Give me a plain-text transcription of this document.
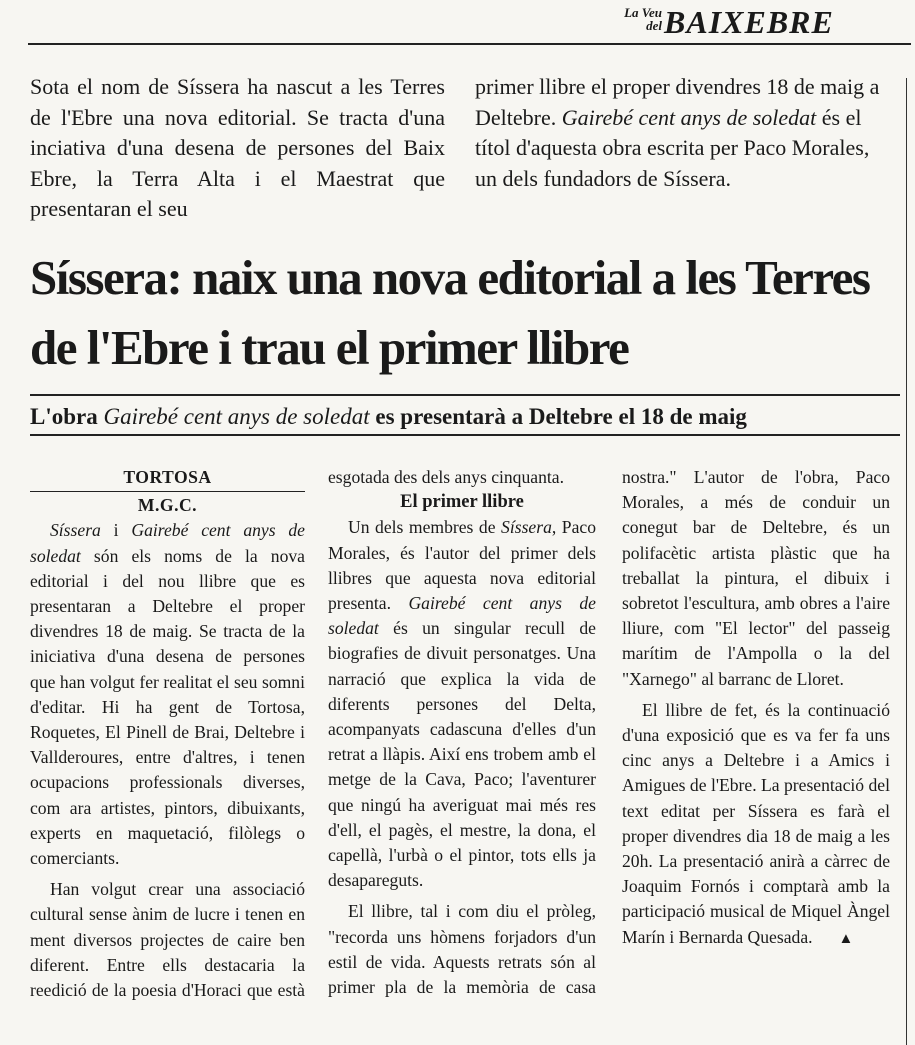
La Veu
del BAIXEBRE
Sota el nom de Síssera ha nascut a les Terres de l'Ebre una nova editorial. Se tracta d'una inciativa d'una desena de persones del Baix Ebre, la Terra Alta i el Maestrat que presentaran el seu
primer llibre el proper divendres 18 de maig a Deltebre. Gairebé cent anys de soledat és el títol d'aquesta obra escrita per Paco Morales, un dels fundadors de Síssera.
Síssera: naix una nova editorial a les Terres de l'Ebre i trau el primer llibre
L'obra Gairebé cent anys de soledat es presentarà a Deltebre el 18 de maig
TORTOSA
M.G.C.

Síssera i Gairebé cent anys de soledat són els noms de la nova editorial i del nou llibre que es presentaran a Deltebre el proper divendres 18 de maig. Se tracta de la iniciativa d'una desena de persones que han volgut fer realitat el seu somni d'editar. Hi ha gent de Tortosa, Roquetes, El Pinell de Brai, Deltebre i Vallderoures, entre d'altres, i tenen ocupacions professionals diverses, com ara artistes, pintors, dibuixants, experts en maquetació, filòlegs o comerciants.

Han volgut crear una associació cultural sense ànim de lucre i tenen en ment diversos projectes de caire ben diferent. Entre ells destacaria la reedició de la poesia d'Horaci que està

esgotada des dels anys cinquanta.

El primer llibre

Un dels membres de Síssera, Paco Morales, és l'autor del primer dels llibres que aquesta nova editorial presenta. Gairebé cent anys de soledat és un singular recull de biografies de divuit personatges. Una narració que explica la vida de diferents persones del Delta, acompanyats cadascuna d'elles d'un retrat a llàpis. Així ens trobem amb el metge de la Cava, Paco; l'aventurer que ningú ha averiguat mai més res d'ell, el pagès, el mestre, la dona, el capellà, l'urbà o el pintor, tots ells ja desapareguts.

El llibre, tal i com diu el pròleg, "recorda uns hòmens forjadors d'un estil de vida. Aquests retrats són al primer pla de la memòria de casa

nostra." L'autor de l'obra, Paco Morales, a més de conduir un conegut bar de Deltebre, és un polifacètic artista plàstic que ha treballat la pintura, el dibuix i sobretot l'escultura, amb obres a l'aire lliure, com "El lector" del passeig marítim de l'Ampolla o la del "Xarnego" al barranc de Lloret.

El llibre de fet, és la continuació d'una exposició que es va fer fa uns cinc anys a Deltebre i a Amics i Amigues de l'Ebre. La presentació del text editat per Síssera es farà el proper divendres dia 18 de maig a les 20h. La presentació anirà a càrrec de Joaquim Fornós i comptarà amb la participació musical de Miquel Àngel Marín i Bernarda Quesada. ▲
